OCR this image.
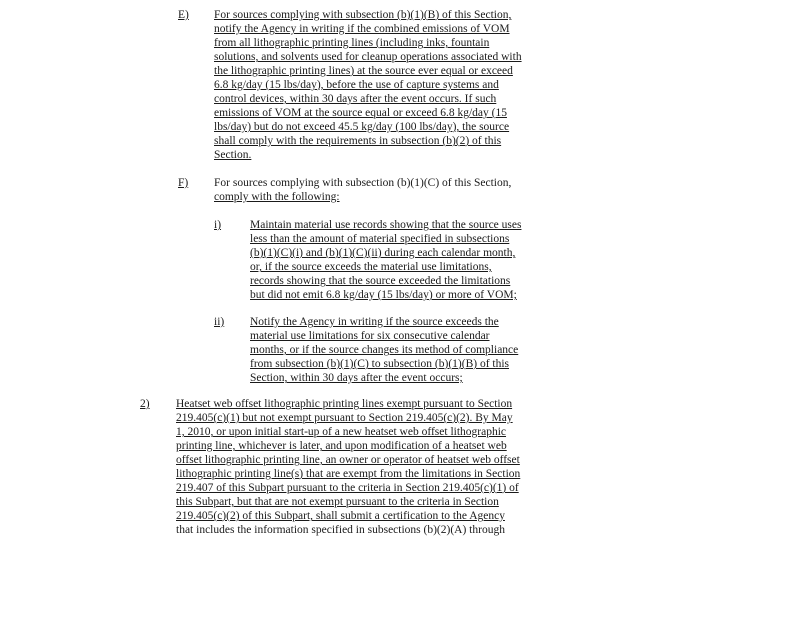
E) For sources complying with subsection (b)(1)(B) of this Section,
notify the Agency in writing if the combined emissions of VOM
from all lithographic printing lines (including inks, fountain
solutions, and solvents used for cleanup operations associated with
the lithographic printing lines) at the source ever equal or exceed
6.8 kg/day (15 lbs/day), before the use of capture systems and
control devices, within 30 days after the event occurs. If such
emissions of VOM at the source equal or exceed 6.8 kg/day (15
lbs/day) but do not exceed 45.5 kg/day (100 lbs/day), the source
shall comply with the requirements in subsection (b)(2) of this
Section.
F) For sources complying with subsection (b)(1)(C) of this Section,
comply with the following:
i)	Maintain material use records showing that the source uses
less than the amount of material specified in subsections
(b)(1)(C)(i) and (b)(1)(C)(ii) during each calendar month,
or, if the source exceeds the material use limitations,
records showing that the source exceeded the limitations
but did not emit 6.8 kg/day (15 lbs/day) or more of VOM;
ii) Notify the Agency in writing if the source exceeds the
material use limitations for six consecutive calendar
months, or if the source changes its method of compliance
from subsection (b)(1)(C) to subsection (b)(1)(B) of this
Section, within 30 days after the event occurs;
2) Heatset web offset lithographic printing lines exempt pursuant to Section
219.405(c)(1) but not exempt pursuant to Section 219.405(c)(2). By May
1, 2010, or upon initial start-up of a new heatset web offset lithographic
printing line, whichever is later, and upon modification of a heatset web
offset lithographic printing line, an owner or operator of heatset web offset
lithographic printing line(s) that are exempt from the limitations in Section
219.407 of this Subpart pursuant to the criteria in Section 219.405(c)(1) of
this Subpart, but that are not exempt pursuant to the criteria in Section
219.405(c)(2) of this Subpart, shall submit a certification to the Agency
that includes the information specified in subsections (b)(2)(A) through
